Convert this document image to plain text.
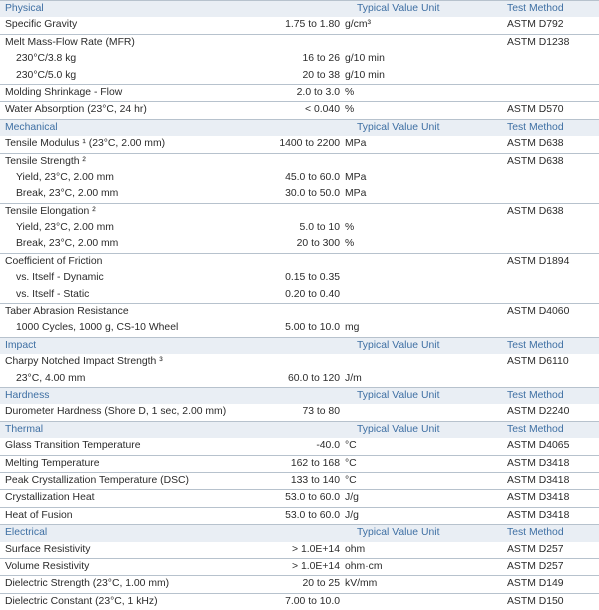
Physical	Typical Value Unit	Test Method
Specific Gravity	1.75 to 1.80 g/cm³	ASTM D792
Melt Mass-Flow Rate (MFR)	ASTM D1238
230°C/3.8 kg	16 to 26 g/10 min
230°C/5.0 kg	20 to 38 g/10 min
Molding Shrinkage - Flow	2.0 to 3.0 %
Water Absorption (23°C, 24 hr)	< 0.040 %	ASTM D570
Mechanical	Typical Value Unit	Test Method
Tensile Modulus ¹ (23°C, 2.00 mm)	1400 to 2200 MPa	ASTM D638
Tensile Strength ²	ASTM D638
Yield, 23°C, 2.00 mm	45.0 to 60.0 MPa
Break, 23°C, 2.00 mm	30.0 to 50.0 MPa
Tensile Elongation ²	ASTM D638
Yield, 23°C, 2.00 mm	5.0 to 10 %
Break, 23°C, 2.00 mm	20 to 300 %
Coefficient of Friction	ASTM D1894
vs. Itself - Dynamic	0.15 to 0.35
vs. Itself - Static	0.20 to 0.40
Taber Abrasion Resistance	ASTM D4060
1000 Cycles, 1000 g, CS-10 Wheel	5.00 to 10.0 mg
Impact	Typical Value Unit	Test Method
Charpy Notched Impact Strength ³	ASTM D6110
23°C, 4.00 mm	60.0 to 120 J/m
Hardness	Typical Value Unit	Test Method
Durometer Hardness (Shore D, 1 sec, 2.00 mm)	73 to 80	ASTM D2240
Thermal	Typical Value Unit	Test Method
Glass Transition Temperature	-40.0 °C	ASTM D4065
Melting Temperature	162 to 168 °C	ASTM D3418
Peak Crystallization Temperature (DSC)	133 to 140 °C	ASTM D3418
Crystallization Heat	53.0 to 60.0 J/g	ASTM D3418
Heat of Fusion	53.0 to 60.0 J/g	ASTM D3418
Electrical	Typical Value Unit	Test Method
Surface Resistivity	> 1.0E+14 ohm	ASTM D257
Volume Resistivity	> 1.0E+14 ohm·cm	ASTM D257
Dielectric Strength (23°C, 1.00 mm)	20 to 25 kV/mm	ASTM D149
Dielectric Constant (23°C, 1 kHz)	7.00 to 10.0	ASTM D150
